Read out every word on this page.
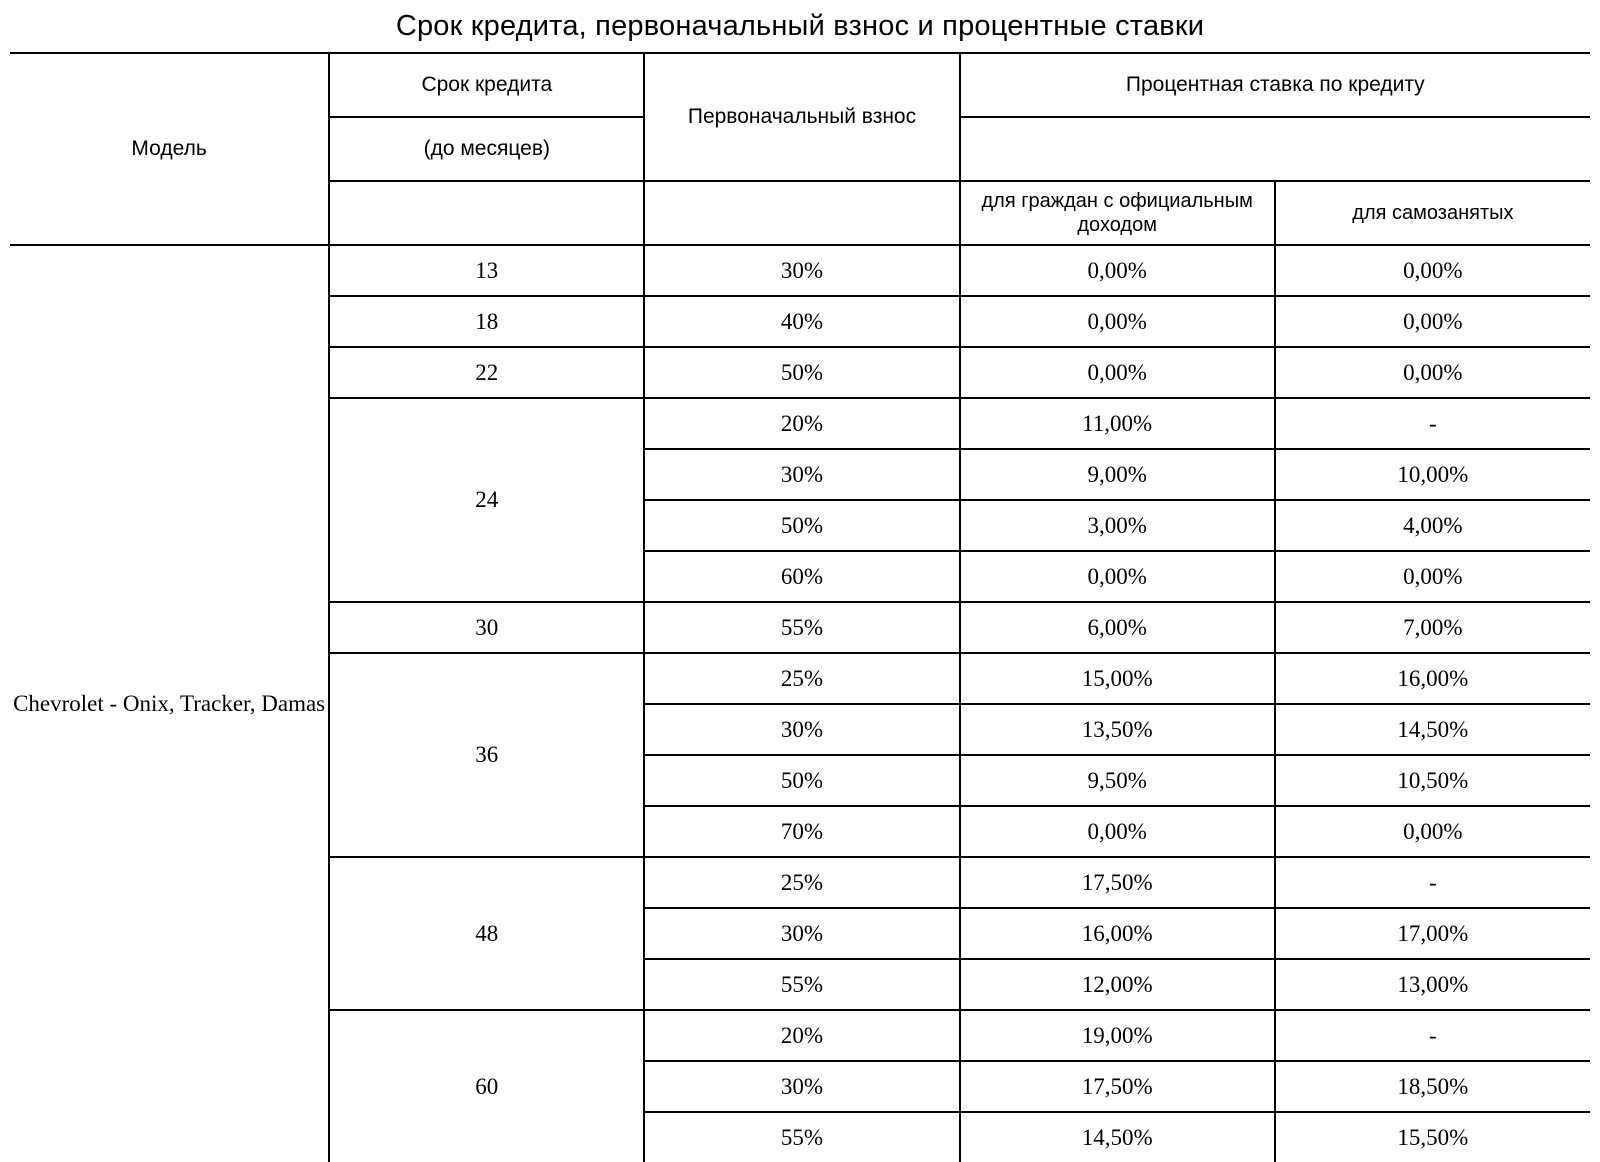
Срок кредита, первоначальный взнос и процентные ставки				
Модель	Срок кредита	Первоначальный взнос	Процентная ставка по кредиту	
	(до месяцев)			
			для граждан с официальным доходом	для самозанятых
Chevrolet - Onix, Tracker, Damas	13	30%	0,00%	0,00%
	18	40%	0,00%	0,00%
	22	50%	0,00%	0,00%
	24	20%	11,00%	-
		30%	9,00%	10,00%
		50%	3,00%	4,00%
		60%	0,00%	0,00%
	30	55%	6,00%	7,00%
	36	25%	15,00%	16,00%
		30%	13,50%	14,50%
		50%	9,50%	10,50%
		70%	0,00%	0,00%
	48	25%	17,50%	-
		30%	16,00%	17,00%
		55%	12,00%	13,00%
	60	20%	19,00%	-
		30%	17,50%	18,50%
		55%	14,50%	15,50%
